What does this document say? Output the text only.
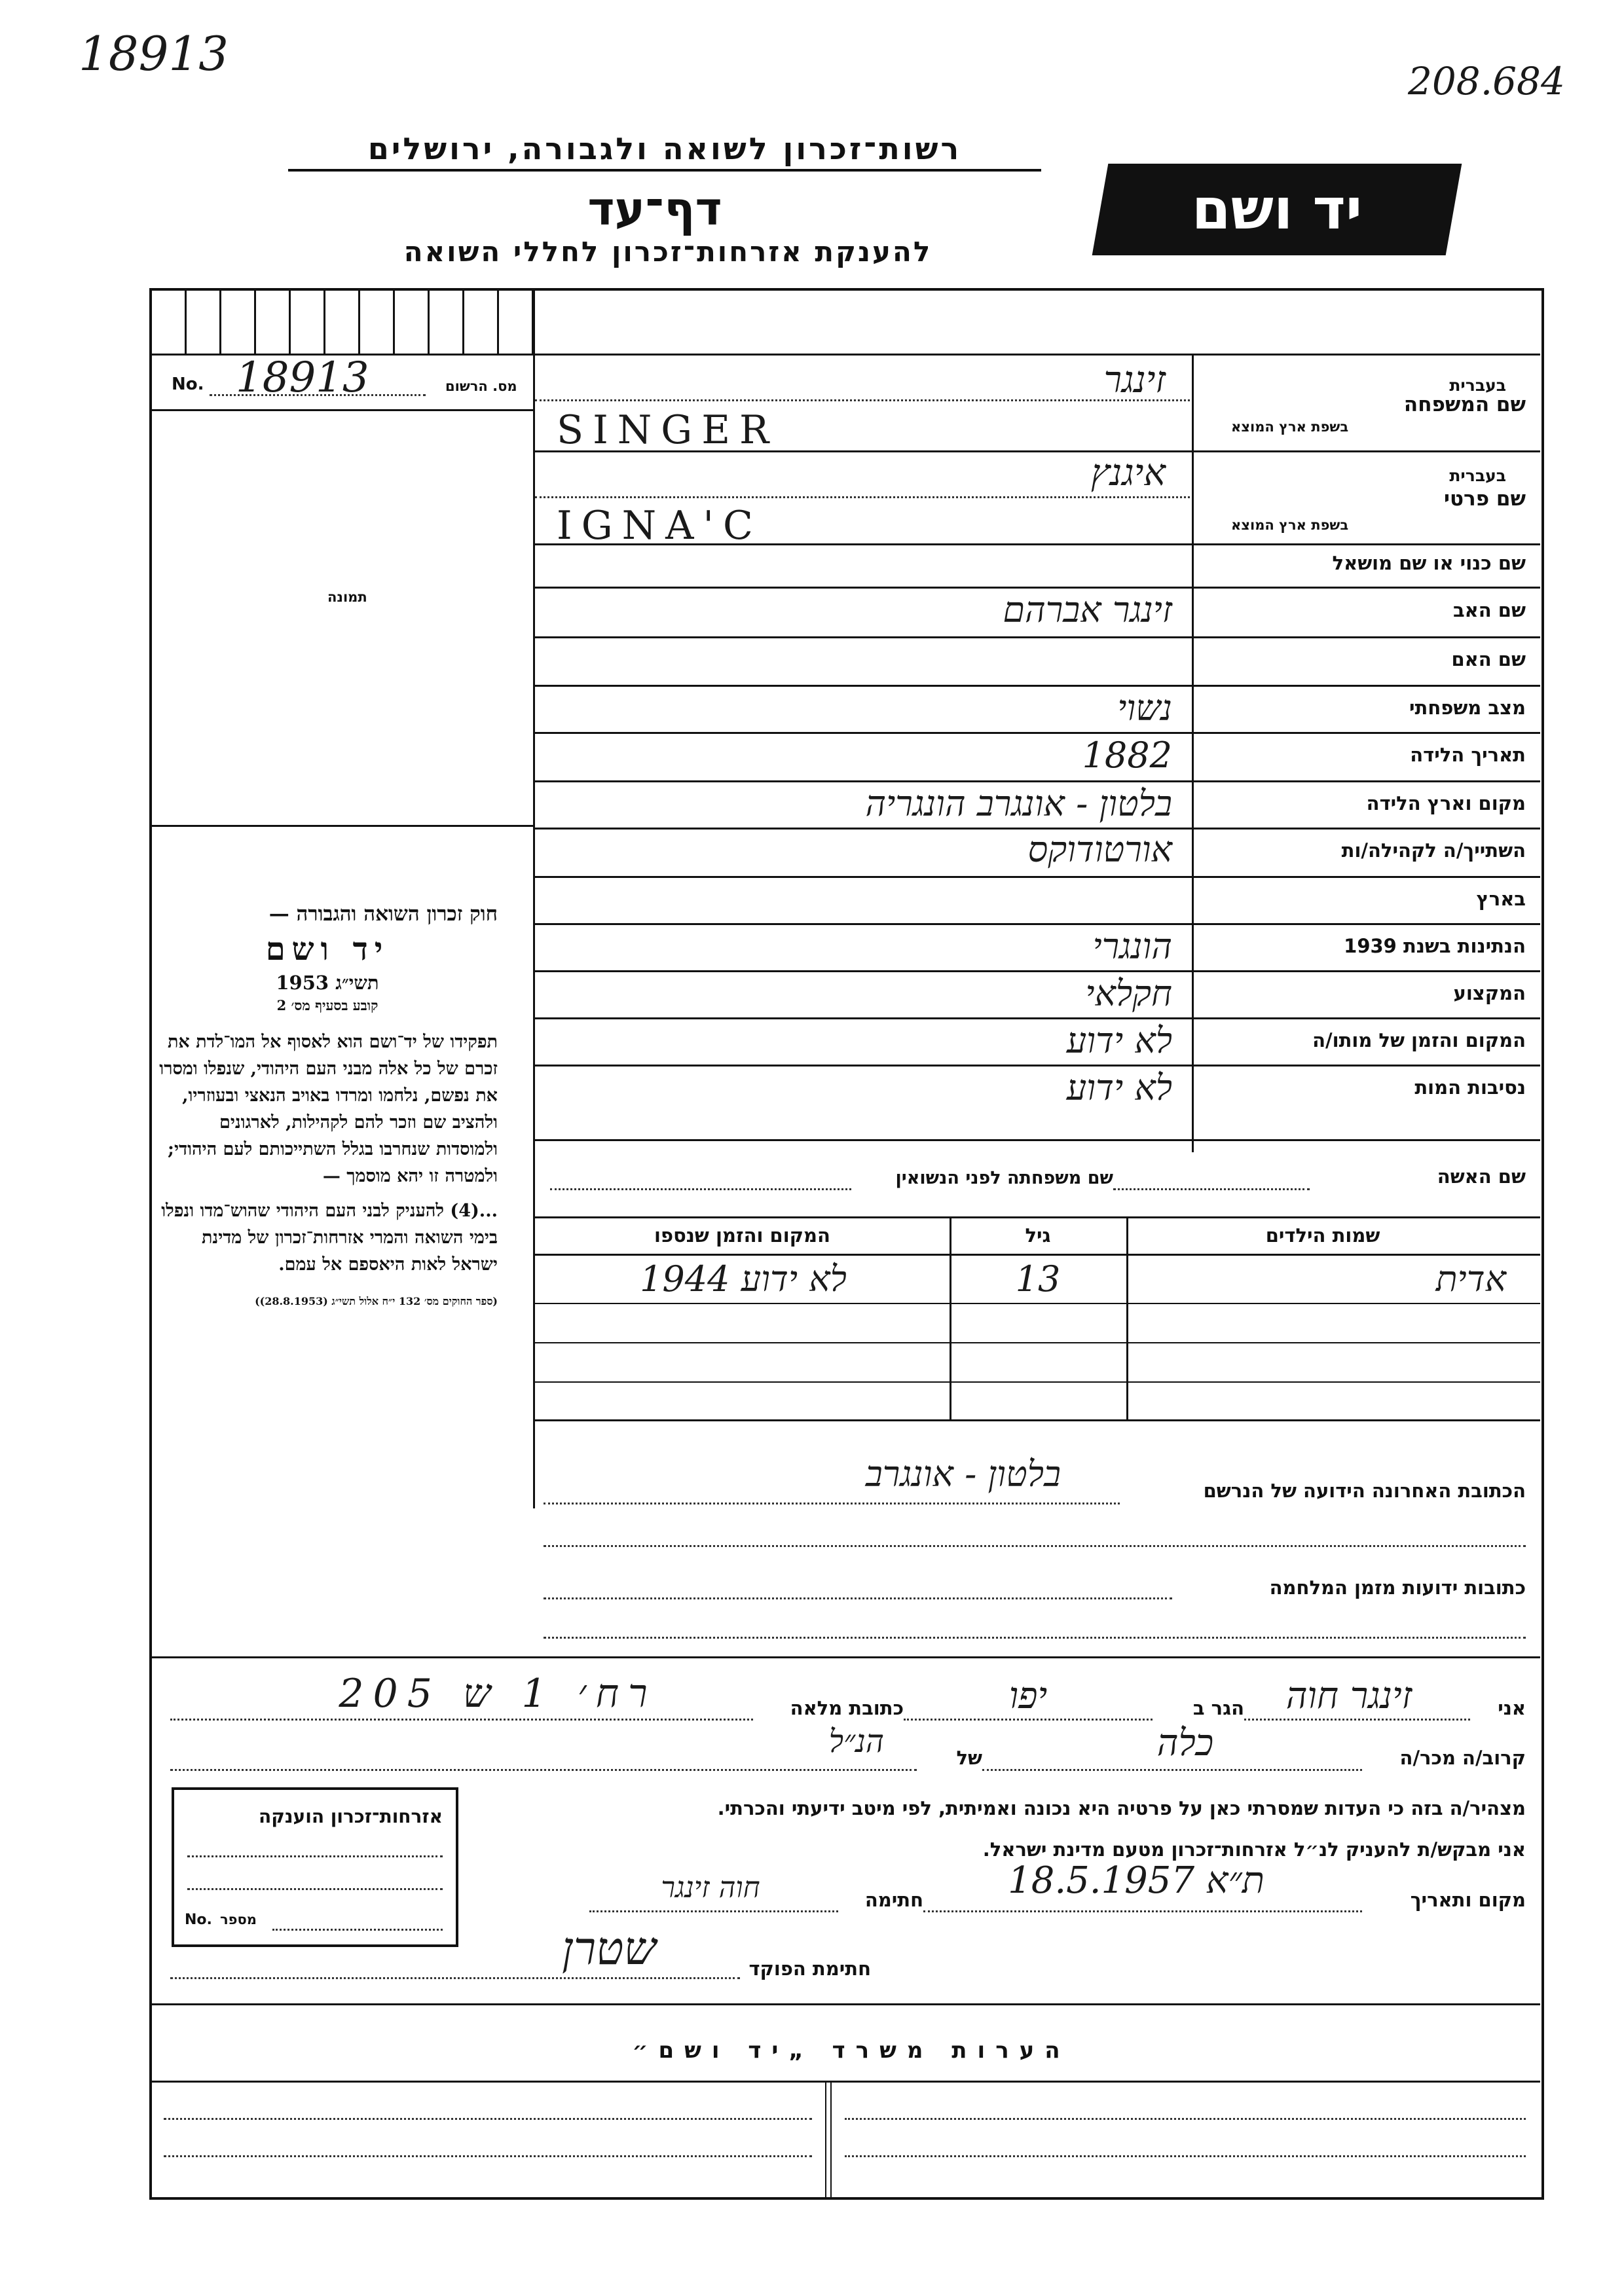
18913	208.684
רשות־זכרון לשואה ולגבורה, ירושלים
דף־עד
להענקת אזרחות־זכרון לחללי השואה
יד ושם
No. 18913	מס. הרשום
תמונה

חוק זכרון השואה והגבורה —

יד ושם

תשי״ג 1953

קובע בסעיף מס׳ 2

תפקידו של יד־ושם הוא לאסוף אל המו־לדת את זכרם של כל אלה מבני העם היהודי, שנפלו ומסרו את נפשם, נלחמו ומרדו באויב הנאצי ובעוזריו, ולהציב שם וזכר להם לקהילות, לארגונים ולמוסדות שנחרבו בגלל השתייכותם לעם היהודי; ולמטרה זו יהא מוסמך —

...(4) להעניק לבני העם היהודי שהוש־מדו ונפלו בימי השואה והמרי אזרחות־זכרון של מדינת ישראל לאות היאספם אל עמם.

(ספר החוקים מס׳ 132 י״ח אלול תשי״ג (28.8.1953))

בעברית
שם המשפחה
בשפת ארץ המוצא
זינגר
SINGER
בעברית
שם פרטי
בשפת ארץ המוצא
איגנץ
IGNA'C
שם כנוי או שם מושאל
שם האב
זינגר אברהם
שם האם
מצב משפחתי
נשוי
תאריך הלידה
1882
מקום וארץ הלידה
בלטון - אונגרב הונגריה
השתייך/ה לקהילה/ות
אורטודוקס
בארץ
הנתינות בשנת 1939
הונגרי
המקצוע
חקלאי
המקום והזמן של מותו/ה
לא ידוע
נסיבות המות
לא ידוע
שם האשה
שם משפחתה לפני הנשואין
שמות הילדים
גיל
המקום והזמן שנספו
אדית
13
לא ידוע 1944
הכתובת האחרונה הידועה של הנרשם
בלטון - אונגרב
כתובות ידועות מזמן המלחמה
אני
זינגר חוה
הגר ב
יפו
כתובת מלאה
רח׳ 1 ש 205
קרוב/ה מכר/ה
כלה
של
הנ״ל
מצהיר/ה בזה כי העדות שמסרתי כאן על פרטיה היא נכונה ואמיתית, לפי מיטב ידיעתי והכרתי.
אני מבקש/ת להעניק לנ״ל אזרחות־זכרון מטעם מדינת ישראל.
מקום ותאריך
ת״א 18.5.1957
חתימה
חוה זינגר
חתימת הפוקד
שטרן
אזרחות־זכרון הוענקה
No. מספר
הערות משרד „יד ושם״
